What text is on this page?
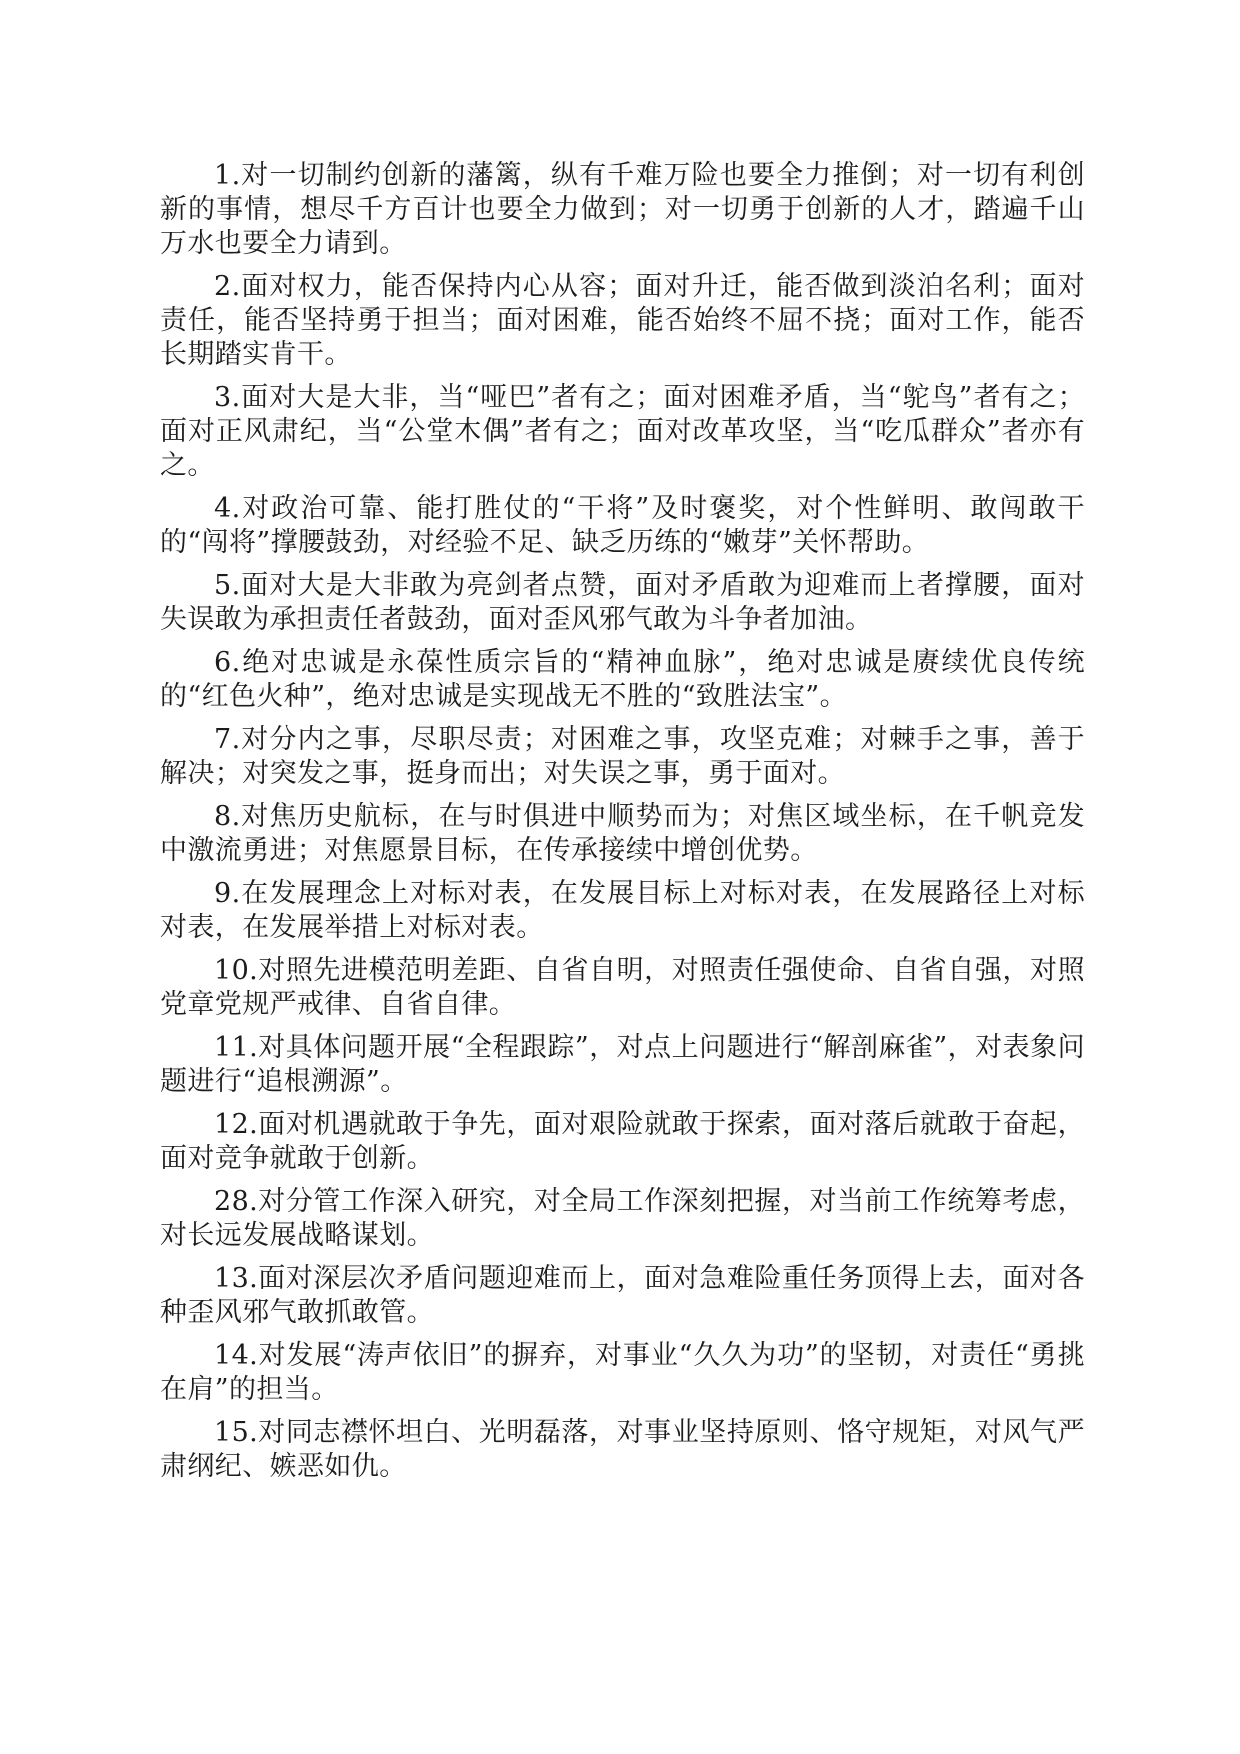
1.对一切制约创新的藩篱，纵有千难万险也要全力推倒；对一切有利创新的事情，想尽千方百计也要全力做到；对一切勇于创新的人才，踏遍千山万水也要全力请到。

2.面对权力，能否保持内心从容；面对升迁，能否做到淡泊名利；面对责任，能否坚持勇于担当；面对困难，能否始终不屈不挠；面对工作，能否长期踏实肯干。

3.面对大是大非，当“哑巴”者有之；面对困难矛盾，当“鸵鸟”者有之；面对正风肃纪，当“公堂木偶”者有之；面对改革攻坚，当“吃瓜群众”者亦有之。

4.对政治可靠、能打胜仗的“干将”及时褒奖，对个性鲜明、敢闯敢干的“闯将”撑腰鼓劲，对经验不足、缺乏历练的“嫩芽”关怀帮助。

5.面对大是大非敢为亮剑者点赞，面对矛盾敢为迎难而上者撑腰，面对失误敢为承担责任者鼓劲，面对歪风邪气敢为斗争者加油。

6.绝对忠诚是永葆性质宗旨的“精神血脉”，绝对忠诚是赓续优良传统的“红色火种”，绝对忠诚是实现战无不胜的“致胜法宝”。

7.对分内之事，尽职尽责；对困难之事，攻坚克难；对棘手之事，善于解决；对突发之事，挺身而出；对失误之事，勇于面对。

8.对焦历史航标，在与时俱进中顺势而为；对焦区域坐标，在千帆竞发中激流勇进；对焦愿景目标，在传承接续中增创优势。

9.在发展理念上对标对表，在发展目标上对标对表，在发展路径上对标对表，在发展举措上对标对表。

10.对照先进模范明差距、自省自明，对照责任强使命、自省自强，对照党章党规严戒律、自省自律。

11.对具体问题开展“全程跟踪”，对点上问题进行“解剖麻雀”，对表象问题进行“追根溯源”。

12.面对机遇就敢于争先，面对艰险就敢于探索，面对落后就敢于奋起，面对竞争就敢于创新。

28.对分管工作深入研究，对全局工作深刻把握，对当前工作统筹考虑，对长远发展战略谋划。

13.面对深层次矛盾问题迎难而上，面对急难险重任务顶得上去，面对各种歪风邪气敢抓敢管。

14.对发展“涛声依旧”的摒弃，对事业“久久为功”的坚韧，对责任“勇挑在肩”的担当。

15.对同志襟怀坦白、光明磊落，对事业坚持原则、恪守规矩，对风气严肃纲纪、嫉恶如仇。
